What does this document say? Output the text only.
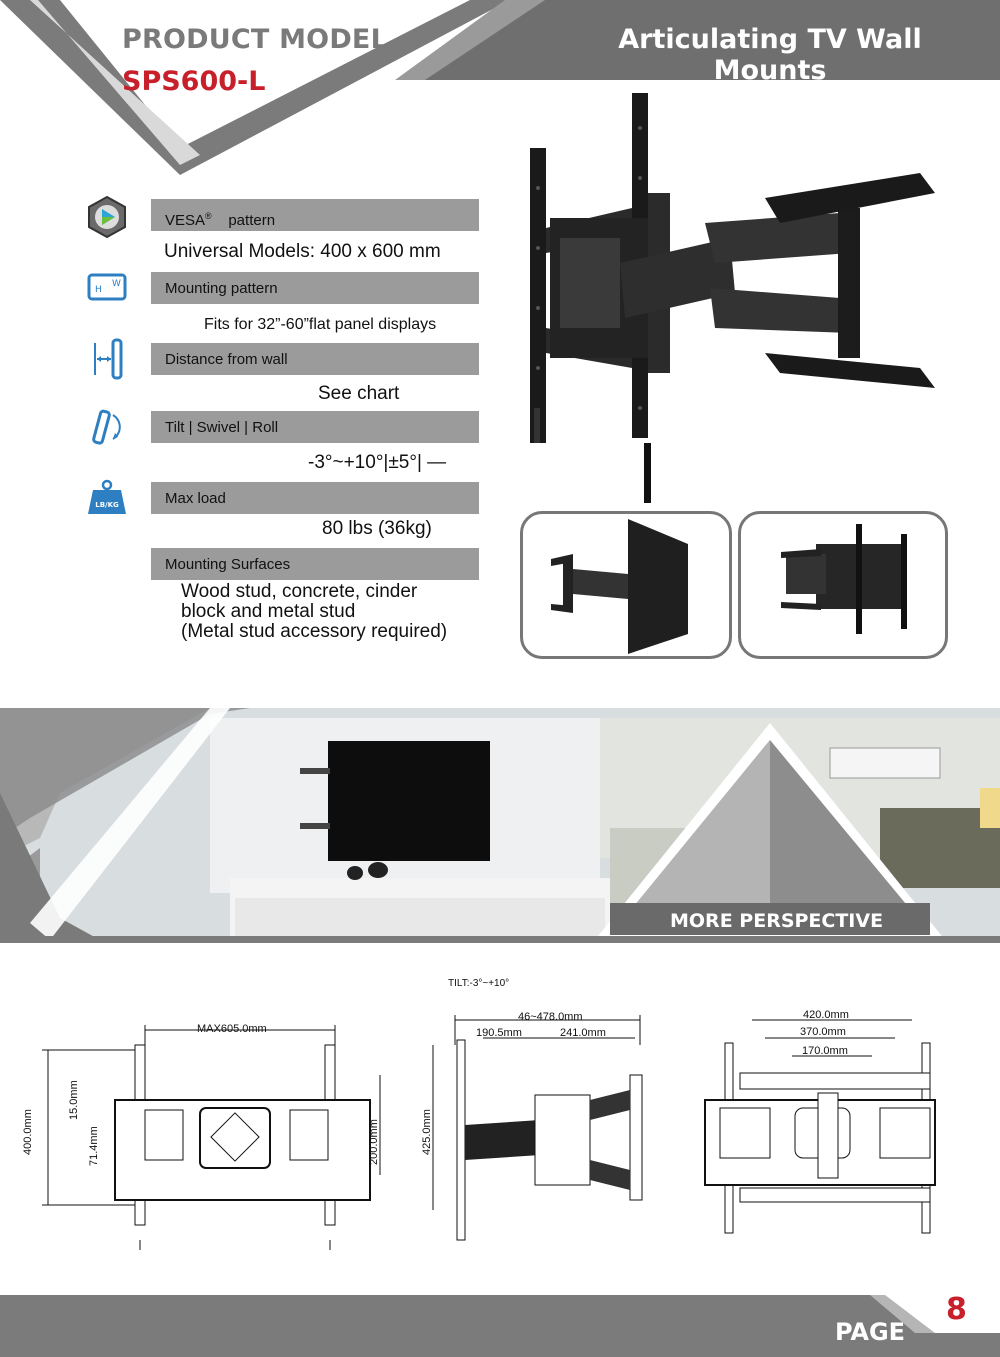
PRODUCT MODEL
SPS600-L
Articulating TV Wall Mounts
VESA® pattern
Universal Models: 400 x 600 mm
H
W	Mounting pattern
Fits for 32”-60”flat panel displays
Distance from wall
See chart
Tilt | Swivel | Roll
-3°~+10°|±5°| —
LB/KG	Max load
80 lbs (36kg)
Mounting Surfaces
Wood stud, concrete, cinder
block and metal stud
(Metal stud accessory required)
MORE PERSPECTIVE
TILT:-3°~+10°
MAX605.0mm
400.0mm
15.0mm
71.4mm	200.0mm
46~478.0mm
190.5mm	241.0mm
425.0mm
420.0mm
370.0mm
170.0mm
PAGE
8
